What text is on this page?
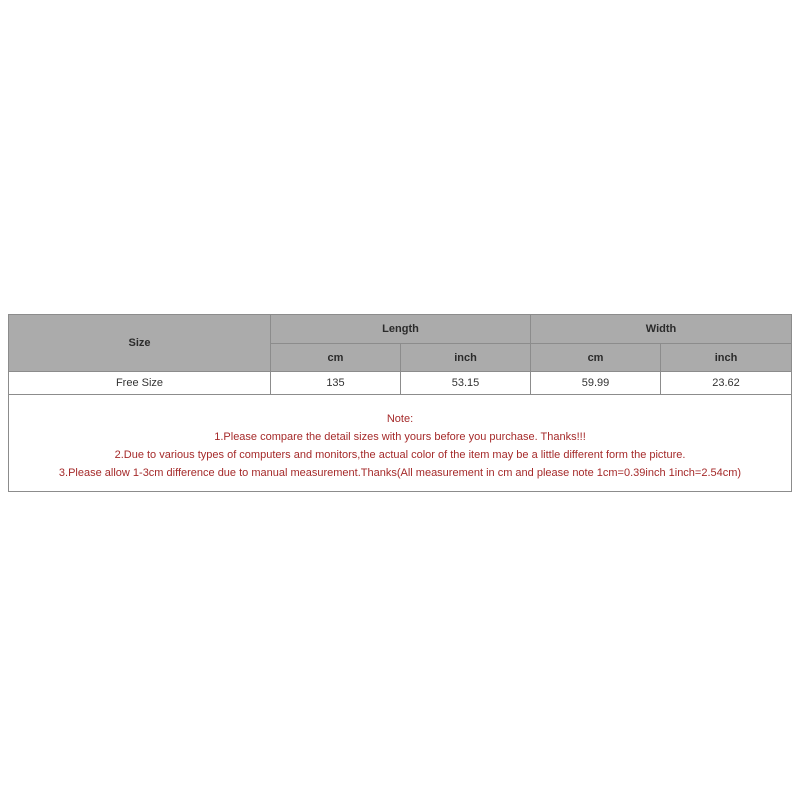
Size	Length		Width	
	cm	inch	cm	inch
Free Size	135	53.15	59.99	23.62

Note:
1.Please compare the detail sizes with yours before you purchase. Thanks!!!
2.Due to various types of computers and monitors,the actual color of the item may be a little different form the picture.
3.Please allow 1-3cm difference due to manual measurement.Thanks(All measurement in cm and please note 1cm=0.39inch 1inch=2.54cm)				
